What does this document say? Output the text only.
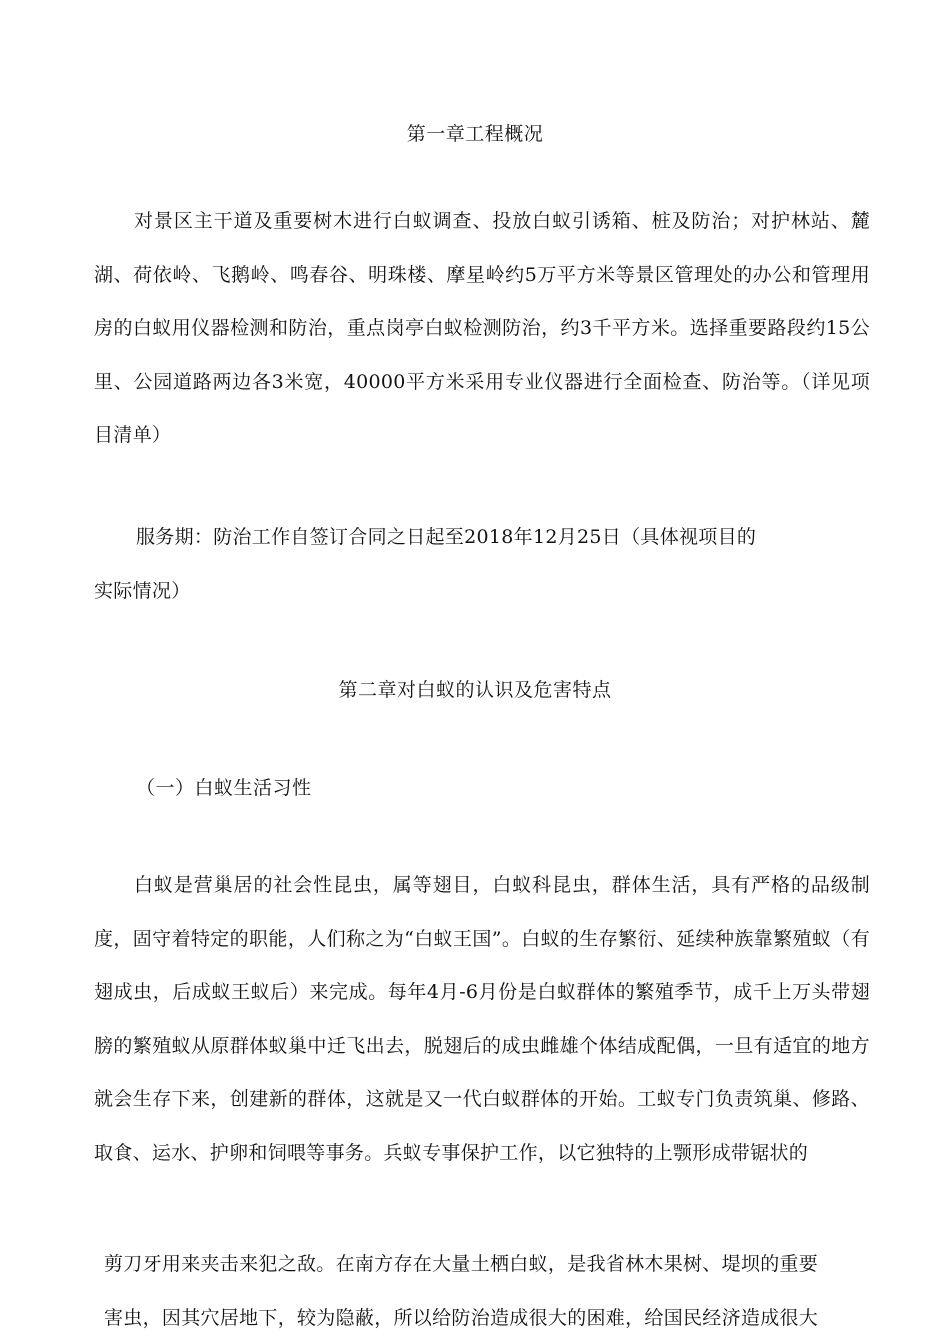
第一章工程概况
对景区主干道及重要树木进行白蚁调查、投放白蚁引诱箱、桩及防治；对护林站、麓湖、荷依岭、飞鹅岭、鸣春谷、明珠楼、摩星岭约5万平方米等景区管理处的办公和管理用房的白蚁用仪器检测和防治，重点岗亭白蚁检测防治，约3千平方米。选择重要路段约15公里、公园道路两边各3米宽，40000平方米采用专业仪器进行全面检查、防治等。（详见项目清单）
服务期：防治工作自签订合同之日起至2018年12月25日（具体视项目的
实际情况）
第二章对白蚁的认识及危害特点
（一）白蚁生活习性
白蚁是营巢居的社会性昆虫，属等翅目，白蚁科昆虫，群体生活，具有严格的品级制度，固守着特定的职能，人们称之为“白蚁王国”。白蚁的生存繁衍、延续种族靠繁殖蚁（有翅成虫，后成蚁王蚁后）来完成。每年4月-6月份是白蚁群体的繁殖季节，成千上万头带翅膀的繁殖蚁从原群体蚁巢中迁飞出去，脱翅后的成虫雌雄个体结成配偶，一旦有适宜的地方就会生存下来，创建新的群体，这就是又一代白蚁群体的开始。工蚁专门负责筑巢、修路、取食、运水、护卵和饲喂等事务。兵蚁专事保护工作，以它独特的上颚形成带锯状的
剪刀牙用来夹击来犯之敌。在南方存在大量土栖白蚁，是我省林木果树、堤坝的重要
害虫，因其穴居地下，较为隐蔽，所以给防治造成很大的困难，给国民经济造成很大
